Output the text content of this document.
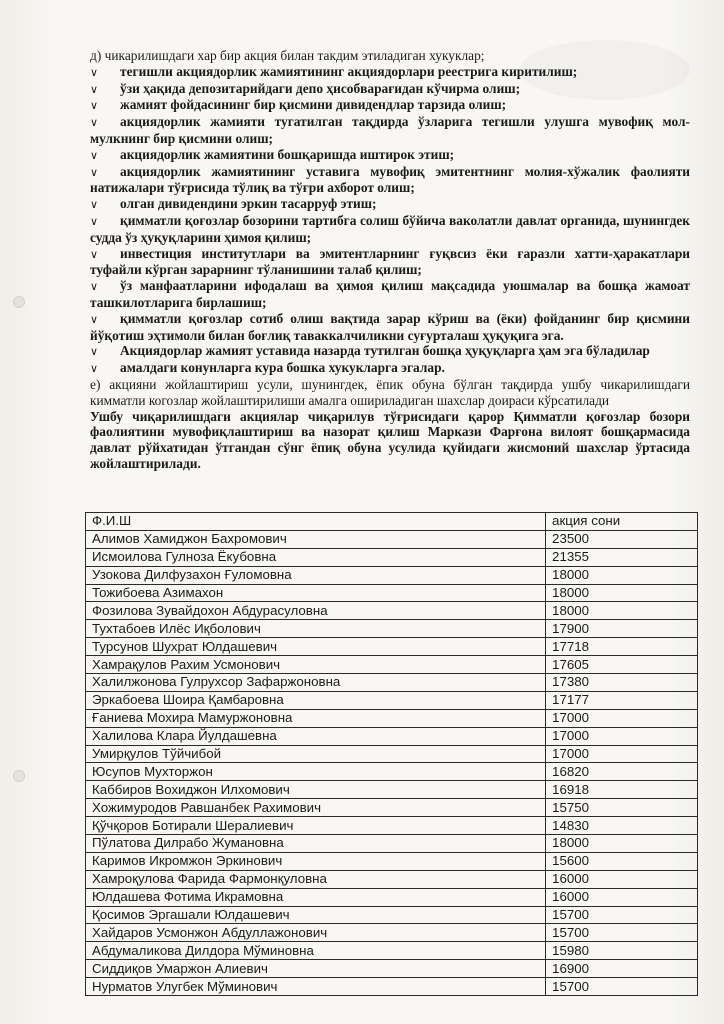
д) чикарилишдаги хар бир акция билан такдим этиладиган хукуклар;

∨ тегишли акциядорлик жамиятининг акциядорлари реестрига киритилиш;

∨ ўзи ҳақида депозитарийдаги депо ҳисобварағидан кўчирма олиш;

∨ жамият фойдасининг бир қисмини дивидендлар тарзида олиш;

∨ акциядорлик жамияти тугатилган тақдирда ўзларига тегишли улушга мувофиқ мол-мулкнинг бир қисмини олиш;

∨ акциядорлик жамиятини бошқаришда иштирок этиш;

∨ акциядорлик жамиятининг уставига мувофиқ эмитентнинг молия-хўжалик фаолияти натижалари тўғрисида тўлиқ ва тўғри ахборот олиш;

∨ олган дивидендини эркин тасарруф этиш;

∨ қимматли қоғозлар бозорини тартибга солиш бўйича ваколатли давлат органида, шунингдек судда ўз ҳуқуқларини ҳимоя қилиш;

∨ инвестиция институтлари ва эмитентларнинг ғуқвсиз ёки ғаразли хатти-ҳаракатлари туфайли кўрган зарарнинг тўланишини талаб қилиш;

∨ ўз манфаатларини ифодалаш ва ҳимоя қилиш мақсадида уюшмалар ва бошқа жамоат ташкилотларига бирлашиш;

∨ қимматли қоғозлар сотиб олиш вақтида зарар кўриш ва (ёки) фойданинг бир қисмини йўқотиш эҳтимоли билан боғлиқ таваккалчиликни суғурталаш ҳуқуқига эга.

∨ Акциядорлар жамият уставида назарда тутилган бошқа ҳуқуқларга ҳам эга бўладилар

∨ амалдаги конунларга кура бошка хукукларга эгалар.

е) акцияни жойлаштириш усули, шунингдек, ёпик обуна бўлган тақдирда ушбу чикарилишдаги кимматли когозлар жойлаштирилиши амалга ошириладиган шахслар доираси кўрсатилади

Ушбу чиқарилишдаги акциялар чиқарилув тўғрисидаги қарор Қимматли қоғозлар бозори фаолиятини мувофиқлаштириш ва назорат қилиш Маркази Фарғона вилоят бошқармасида давлат рўйхатидан ўтгандан сўнг ёпиқ обуна усулида қуйидаги жисмоний шахслар ўртасида жойлаштирилади.

Ф.И.Ш	акция сони
Алимов Хамиджон Бахромович	23500
Исмоилова Гулноза Ёкубовна	21355
Узокова Дилфузахон Ғуломовна	18000
Тожибоева Азимахон	18000
Фозилова Зувайдохон Абдурасуловна	18000
Тухтабоев Илёс Иқболович	17900
Турсунов Шухрат Юлдашевич	17718
Хамрақулов Рахим Усмонович	17605
Халилжонова Гулрухсор Зафаржоновна	17380
Эркабоева Шоира Қамбаровна	17177
Ғаниева Мохира Мамуржоновна	17000
Халилова Клара Йулдашевна	17000
Умирқулов Тўйчибой	17000
Юсупов Мухторжон	16820
Каббиров Вохиджон Илхомович	16918
Хожимуродов Равшанбек Рахимович	15750
Қўчқоров Ботирали Шералиевич	14830
Пўлатова Дилрабо Жумановна	18000
Каримов Икромжон Эркинович	15600
Хамроқулова Фарида Фармонқуловна	16000
Юлдашева Фотима Икрамовна	16000
Қосимов Эргашали Юлдашевич	15700
Хайдаров Усмонжон Абдуллажонович	15700
Абдумаликова Дилдора Мўминовна	15980
Сиддиқов Умаржон Алиевич	16900
Нурматов Улугбек Мўминович	15700
